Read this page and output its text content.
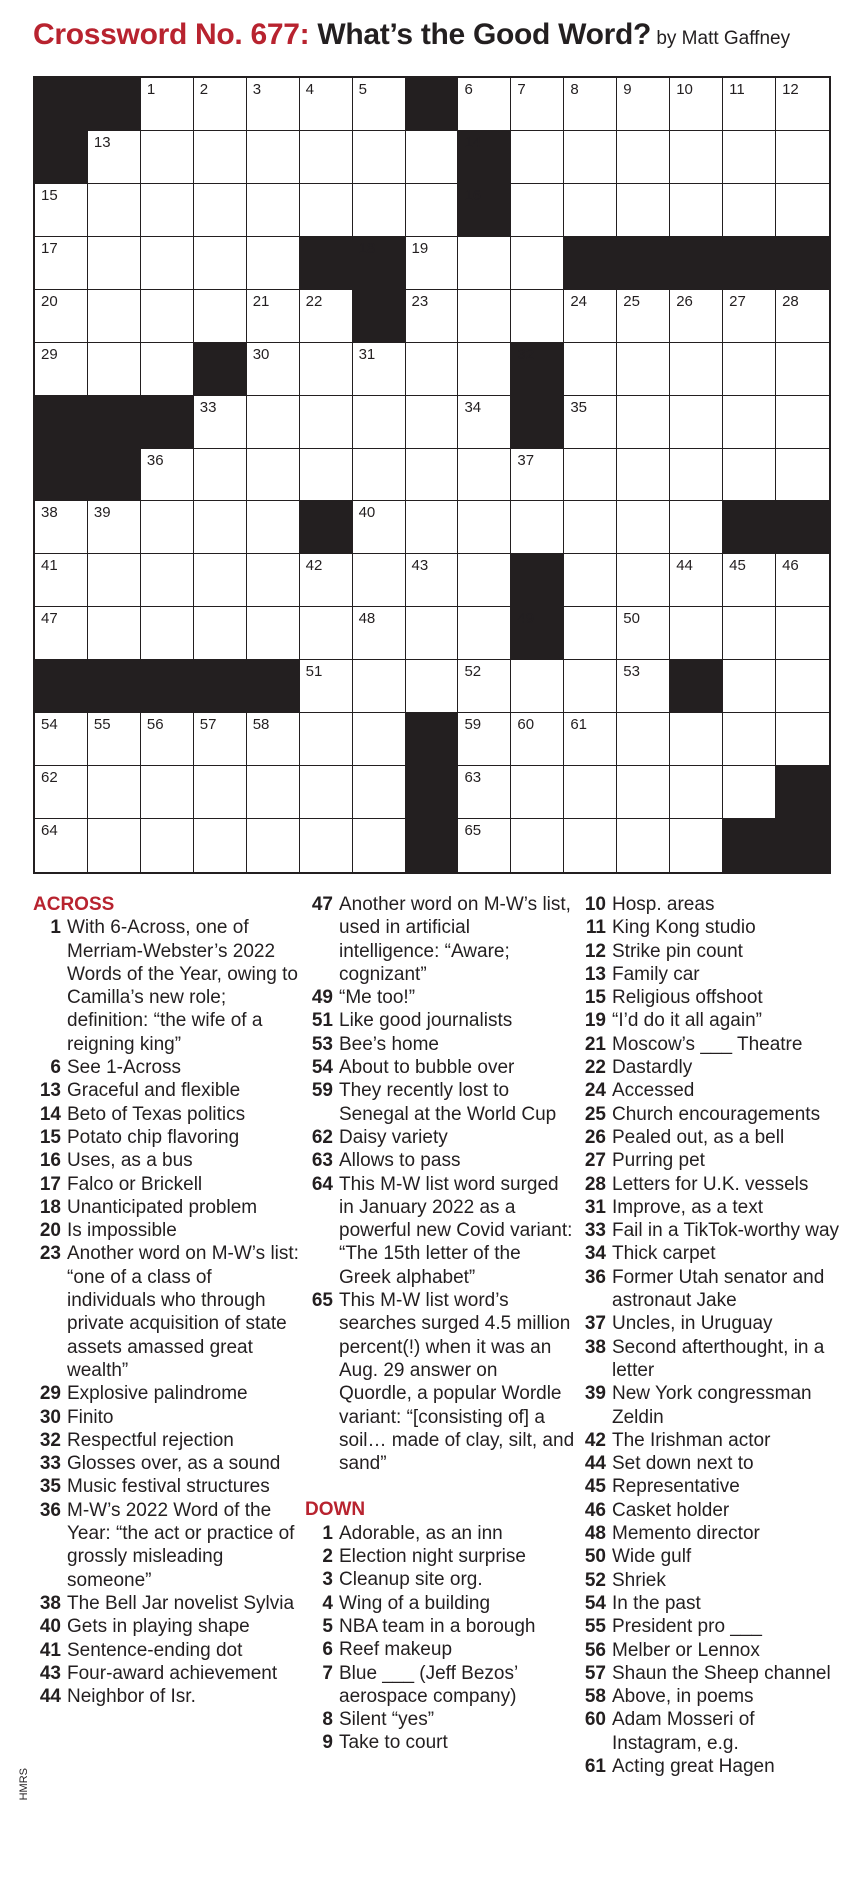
Crossword No. 677: What’s the Good Word? by Matt Gaffney
1	2	3	4	5	6	7	8	9	10 11 12
13	14
15	16
17	18 19
20	21 22	23	24 25 26 27 28
29	30	31	32
33	34	35
36	37
38 39	40
41	42	43	44 45 46
47	48	49	50
51	52	53
54 55 56 57 58	59 60 61
62	63
64	65
ACROSS
1 With 6-Across, one of Merriam-Webster’s 2022 Words of the Year, owing to Camilla’s new role; definition: “the wife of a reigning king”
6 See 1-Across
13 Graceful and flexible
14 Beto of Texas politics
15 Potato chip flavoring
16 Uses, as a bus
17 Falco or Brickell
18 Unanticipated problem
20 Is impossible
23 Another word on M-W’s list: “one of a class of individuals who through private acquisition of state assets amassed great wealth”
29 Explosive palindrome
30 Finito
32 Respectful rejection
33 Glosses over, as a sound
35 Music festival structures
36 M-W’s 2022 Word of the Year: “the act or practice of grossly misleading someone”
38 The Bell Jar novelist Sylvia
40 Gets in playing shape
41 Sentence-ending dot
43 Four-award achievement
44 Neighbor of Isr.
47 Another word on M-W’s list, used in artificial intelligence: “Aware; cognizant”
49 “Me too!”
51 Like good journalists
53 Bee’s home
54 About to bubble over
59 They recently lost to Senegal at the World Cup
62 Daisy variety
63 Allows to pass
64 This M-W list word surged in January 2022 as a powerful new Covid variant: “The 15th letter of the Greek alphabet”
65 This M-W list word’s searches surged 4.5 million percent(!) when it was an Aug. 29 answer on Quordle, a popular Wordle variant: “[consisting of] a soil… made of clay, silt, and sand”
DOWN
1 Adorable, as an inn
2 Election night surprise
3 Cleanup site org.
4 Wing of a building
5 NBA team in a borough
6 Reef makeup
7 Blue ___ (Jeff Bezos’ aerospace company)
8 Silent “yes”
9 Take to court
10 Hosp. areas
11 King Kong studio
12 Strike pin count
13 Family car
15 Religious offshoot
19 “I’d do it all again”
21 Moscow’s ___ Theatre
22 Dastardly
24 Accessed
25 Church encouragements
26 Pealed out, as a bell
27 Purring pet
28 Letters for U.K. vessels
31 Improve, as a text
33 Fail in a TikTok-worthy way
34 Thick carpet
36 Former Utah senator and astronaut Jake
37 Uncles, in Uruguay
38 Second afterthought, in a letter
39 New York congressman Zeldin
42 The Irishman actor
44 Set down next to
45 Representative
46 Casket holder
48 Memento director
50 Wide gulf
52 Shriek
54 In the past
55 President pro ___
56 Melber or Lennox
57 Shaun the Sheep channel
58 Above, in poems
60 Adam Mosseri of Instagram, e.g.
61 Acting great Hagen
HMRS
